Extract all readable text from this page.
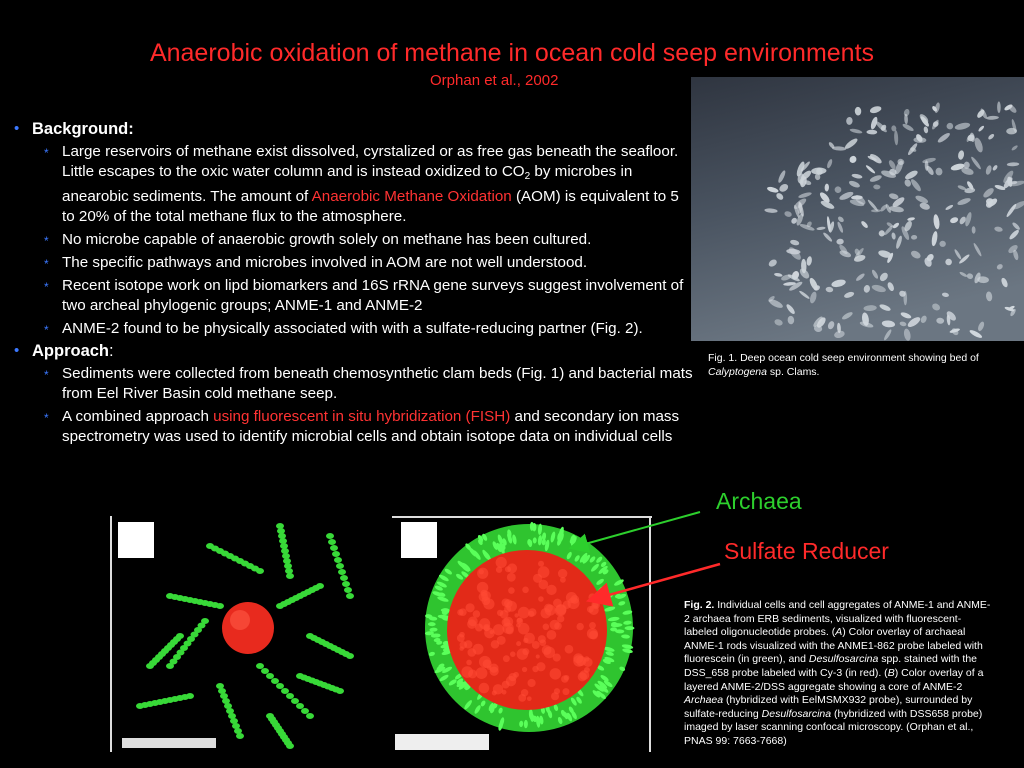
Anaerobic oxidation of methane in ocean cold seep environments
Orphan et al., 2002
• Background:
* Large reservoirs of methane exist dissolved, cyrstalized or as free gas beneath the seafloor. Little escapes to the oxic water column and is instead oxidized to $CO_2$ by microbes in anearobic sediments. The amount of Anaerobic Methane Oxidation (AOM) is equivalent to 5 to 20% of the total methane flux to the atmosphere.
* No microbe capable of anaerobic growth solely on methane has been cultured.
* The specific pathways and microbes involved in AOM are not well understood.
* Recent isotope work on lipd biomarkers and 16S rRNA gene surveys suggest involvement of two archeal phylogenic groups; ANME-1 and ANME-2
* ANME-2 found to be physically associated with with a sulfate-reducing partner (Fig. 2).
• Approach:
* Sediments were collected from beneath chemosynthetic clam beds (Fig. 1) and bacterial mats from Eel River Basin cold methane seep.
* A combined approach using fluorescent in situ hybridization (FISH) and secondary ion mass spectrometry was used to identify microbial cells and obtain isotope data on individual cells
Fig. 1. Deep ocean cold seep environment showing bed of Calyptogena sp. Clams.
Archaea
Sulfate Reducer
Fig. 2. Individual cells and cell aggregates of ANME-1 and ANME-2 archaea from ERB sediments, visualized with fluorescent-labeled oligonucleotide probes. (A) Color overlay of archaeal ANME-1 rods visualized with the ANME1-862 probe labeled with fluorescein (in green), and Desulfosarcina spp. stained with the DSS_658 probe labeled with Cy-3 (in red). (B) Color overlay of a layered ANME-2/DSS aggregate showing a core of ANME-2 Archaea (hybridized with EelMSMX932 probe), surrounded by sulfate-reducing Desulfosarcina (hybridized with DSS658 probe) imaged by laser scanning confocal microscopy. (Orphan et al., PNAS 99: 7663-7668)
